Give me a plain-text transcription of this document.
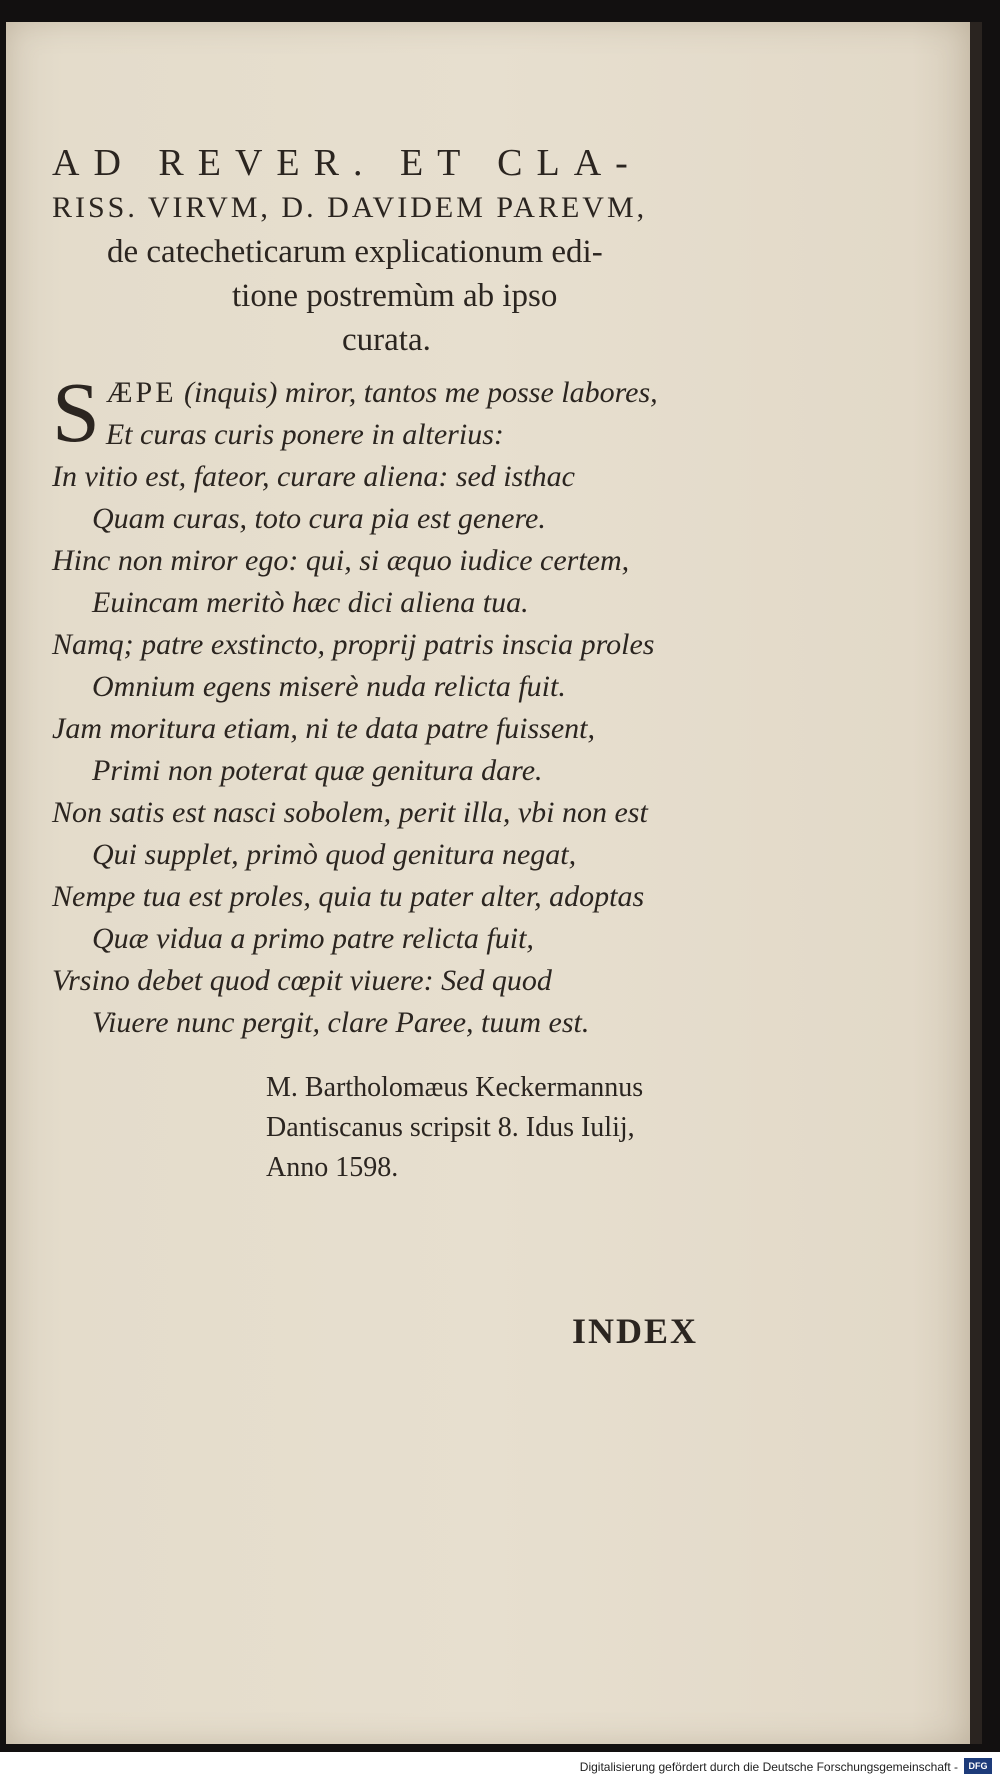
AD REVER. ET CLA-
RISS. VIRVM, D. DAVIDEM PAREVM,
de catecheticarum explicationum edi-
tione postremùm ab ipso
curata.
S ÆPE (inquis) miror, tantos me posse labores,
Et curas curis ponere in alterius:
In vitio est, fateor, curare aliena: sed isthac
Quam curas, toto cura pia est genere.
Hinc non miror ego: qui, si æquo iudice certem,
Euincam meritò hæc dici aliena tua.
Namq; patre exstincto, proprij patris inscia proles
Omnium egens miserè nuda relicta fuit.
Jam moritura etiam, ni te data patre fuissent,
Primi non poterat quæ genitura dare.
Non satis est nasci sobolem, perit illa, vbi non est
Qui supplet, primò quod genitura negat,
Nempe tua est proles, quia tu pater alter, adoptas
Quæ vidua a primo patre relicta fuit,
Vrsino debet quod cœpit viuere: Sed quod
Viuere nunc pergit, clare Paree, tuum est.
M. Bartholomæus Keckermannus
Dantiscanus scripsit 8. Idus Iulij,
Anno 1598.
INDEX
Digitalisierung gefördert durch die Deutsche Forschungsgemeinschaft -	DFG
